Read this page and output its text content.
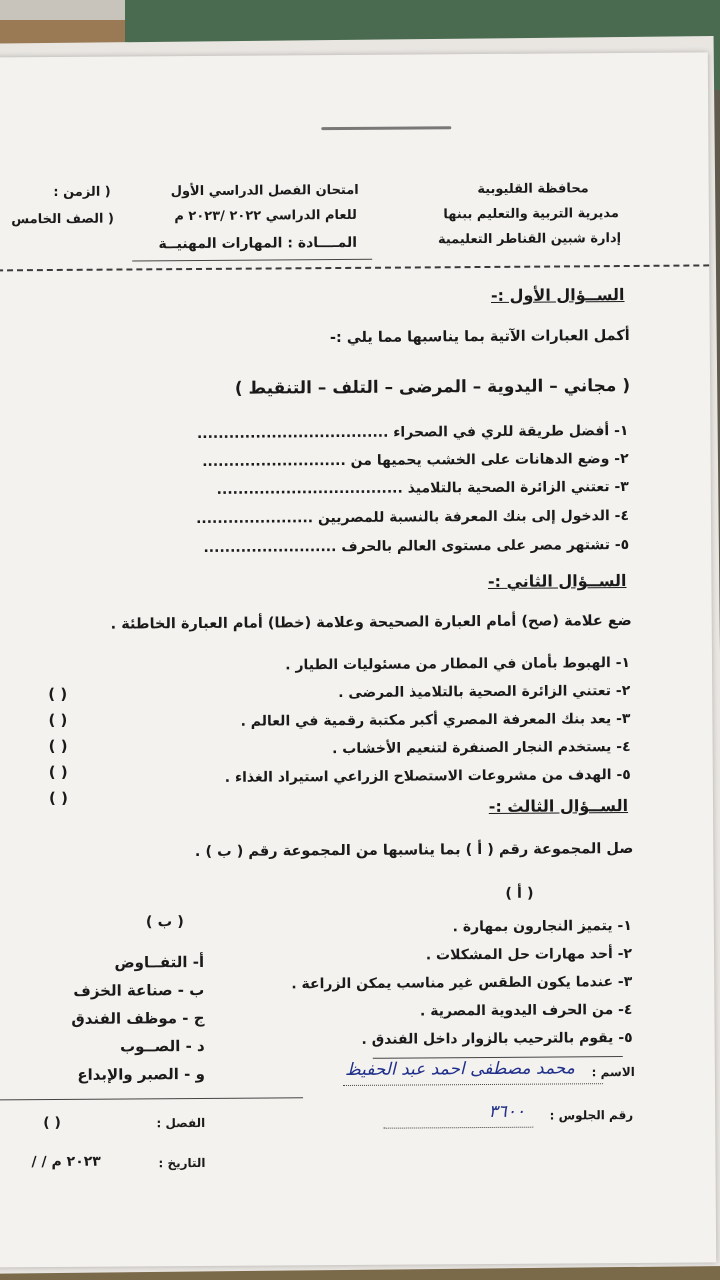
محافظة القليوبية
مديرية التربية والتعليم ببنها
إدارة شبين القناطر التعليمية
امتحان الفصل الدراسي الأول
للعام الدراسي ٢٠٢٢ /٢٠٢٣ م
المــــادة : المهارات المهنيــة
( الزمن :
( الصف الخامس
الســؤال الأول :-
أكمل العبارات الآتية بما يناسبها مما يلي :-
( مجاني – اليدوية – المرضى – التلف – التنقيط )
١- أفضل طريقة للري في الصحراء ....................................
٢- وضع الدهانات على الخشب يحميها من ...........................
٣- تعتني الزائرة الصحية بالتلاميذ ...................................
٤- الدخول إلى بنك المعرفة بالنسبة للمصريين ......................
٥- تشتهر مصر على مستوى العالم بالحرف .........................
الســؤال الثاني :-
ضع علامة (صح) أمام العبارة الصحيحة وعلامة (خطا) أمام العبارة الخاطئة .
١- الهبوط بأمان في المطار من مسئوليات الطيار .
٢- تعتني الزائرة الصحية بالتلاميذ المرضى .
٣- يعد بنك المعرفة المصري أكبر مكتبة رقمية في العالم .
٤- يستخدم النجار الصنفرة لتنعيم الأخشاب .
٥- الهدف من مشروعات الاستصلاح الزراعي استيراد الغذاء .
( )
( )
( )
( )
( )	الســؤال الثالث :-
صل المجموعة رقم ( أ ) بما يناسبها من المجموعة رقم ( ب ) .
( أ )
( ب )	١- يتميز النجارون بمهارة .
٢- أحد مهارات حل المشكلات .
٣- عندما يكون الطقس غير مناسب يمكن الزراعة .
٤- من الحرف اليدوية المصرية .
٥- يقوم بالترحيب بالزوار داخل الفندق .
أ- التفــاوض
ب - صناعة الخزف
ج - موظف الفندق
د - الصــوب
و - الصبر والإبداع	الاسم :
محمد مصطفى احمد عبد الحفيظ
رقم الجلوس :
٣٦٠٠
الفصل :
( )
التاريخ :
/ / ٢٠٢٣ م
